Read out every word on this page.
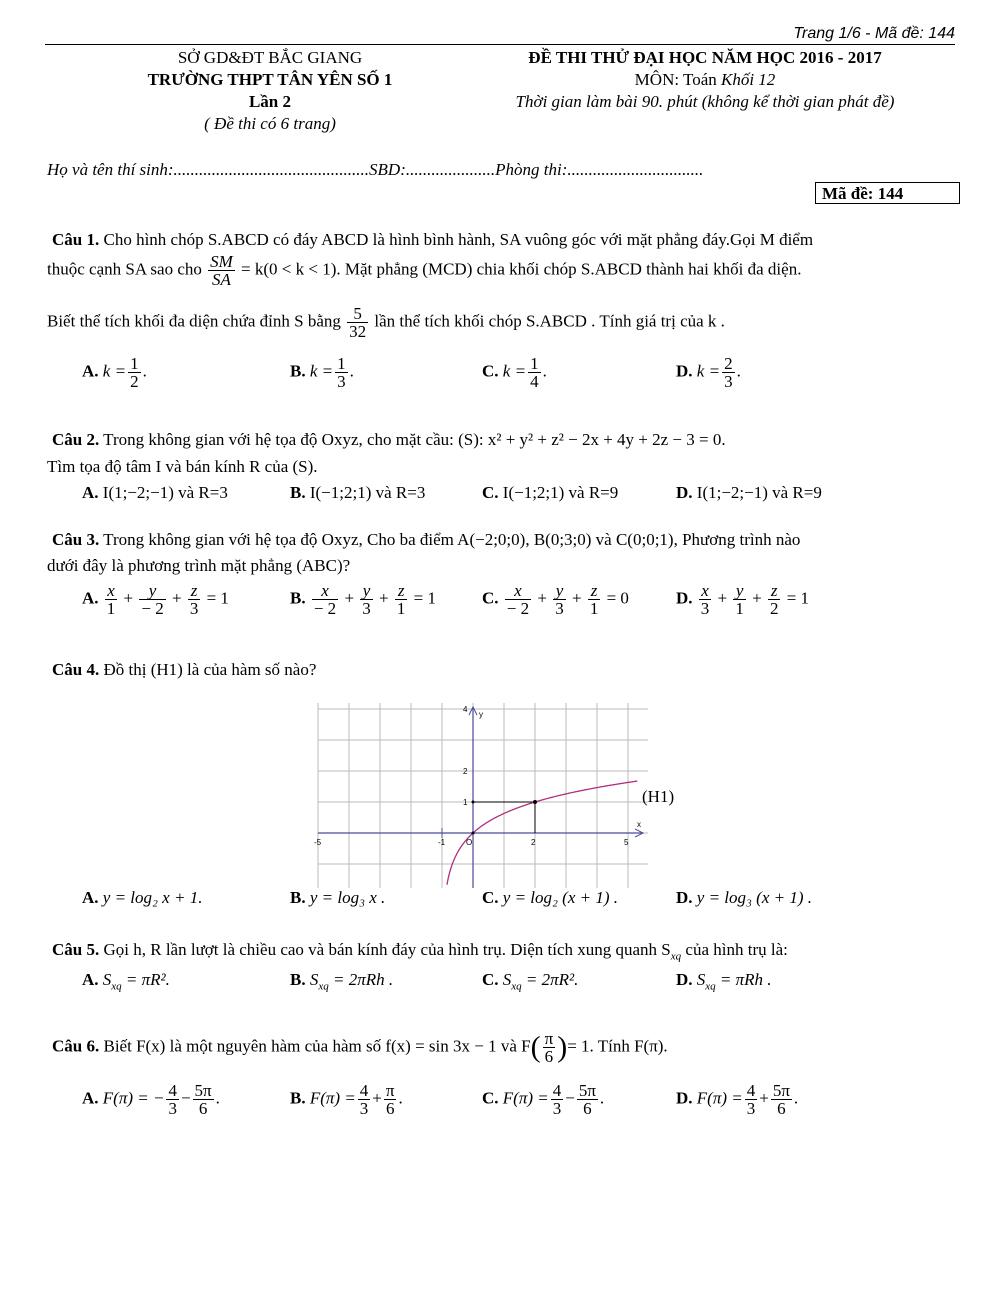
Trang 1/6 - Mã đề: 144
SỞ GD&ĐT BẮC GIANG
TRƯỜNG THPT TÂN YÊN SỐ 1
Lần 2
( Đề thi có 6 trang)
ĐỀ THI THỬ ĐẠI HỌC NĂM HỌC 2016 - 2017
MÔN: Toán Khối 12
Thời gian làm bài 90. phút (không kể thời gian phát đề)
Họ và tên thí sinh:..............................................SBD:.....................Phòng thi:................................
Mã đề: 144
Câu 1. Cho hình chóp S.ABCD có đáy ABCD là hình bình hành, SA vuông góc với mặt phẳng đáy.Gọi M điểm
thuộc cạnh SA sao cho $\frac{SM}{SA} = k(0 < k < 1)$. Mặt phẳng (MCD) chia khối chóp S.ABCD thành hai khối đa diện.
Biết thể tích khối đa diện chứa đỉnh S bằng $\frac{5}{32}$ lần thể tích khối chóp S.ABCD . Tính giá trị của k .
A. $k = \frac{1}{2}$ .	B. $k = \frac{1}{3}$ .	C. $k = \frac{1}{4}$ .	D. $k = \frac{2}{3}$ .
Câu 2. Trong không gian với hệ tọa độ Oxyz, cho mặt cầu: (S): x² + y² + z² − 2x + 4y + 2z − 3 = 0.
Tìm tọa độ tâm I và bán kính R của (S).
A. I(1;−2;−1) và R=3	B. I(−1;2;1) và R=3	C. I(−1;2;1) và R=9	D. I(1;−2;−1) và R=9
Câu 3. Trong không gian với hệ tọa độ Oxyz, Cho ba điểm A(−2;0;0), B(0;3;0) và C(0;0;1), Phương trình nào
dưới đây là phương trình mặt phẳng (ABC)?
A. $\frac{x}{1} + \frac{y}{- 2} + \frac{z}{3} = 1$	B. $\frac{x}{- 2} + \frac{y}{3} + \frac{z}{1} = 1$	C. $\frac{x}{- 2} + \frac{y}{3} + \frac{z}{1} = 0$	D. $\frac{x}{3} + \frac{y}{1} + \frac{z}{2} = 1$
Câu 4. Đồ thị (H1) là của hàm số nào?
y
x
-5	-1	O	2	5
4
2
1	(H1)
A. y = log₂ x + 1.	B. y = log₃ x .	C. y = log₂ (x + 1) .	D. y = log₃ (x + 1) .
Câu 5. Gọi h, R lần lượt là chiều cao và bán kính đáy của hình trụ. Diện tích xung quanh $S_{xq}$ của hình trụ là:
A. $S_{xq} = \pi R^2$.	B. $S_{xq} = 2\pi Rh$ .	C. $S_{xq} = 2\pi R^2$.	D. $S_{xq} = \pi Rh$ .
Câu 6. Biết F(x) là một nguyên hàm của hàm số f(x) = sin 3x − 1 và $F( \frac{\pi}{6}$ )= 1. Tính F(π).
A. F(π) = − $\frac{4}{3} - \frac{5\pi}{6}$ .	B. $F(\pi) = \frac{4}{3} + \frac{\pi}{6}$ .	C. $F(\pi) = \frac{4}{3} - \frac{5\pi}{6}$ .	D. $F(\pi) = \frac{4}{3} + \frac{5\pi}{6}$ .
